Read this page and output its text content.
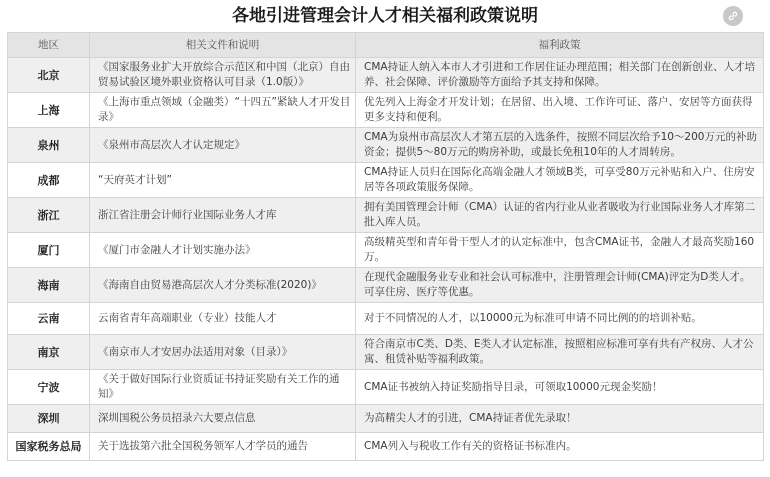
各地引进管理会计人才相关福利政策说明
地区	相关文件和说明	福利政策
北京	《国家服务业扩大开放综合示范区和中国（北京）自由贸易试验区境外职业资格认可目录（1.0版）》	CMA持证人纳入本市人才引进和工作居住证办理范围；相关部门在创新创业、人才培养、社会保障、评价激励等方面给予其支持和保障。
上海	《上海市重点领域（金融类）“十四五”紧缺人才开发目录》	优先列入上海金才开发计划；在居留、出入境、工作许可证、落户、安居等方面获得更多支持和便利。
泉州	《泉州市高层次人才认定规定》	CMA为泉州市高层次人才第五层的入选条件，按照不同层次给予10～200万元的补助资金；提供5～80万元的购房补助，或最长免租10年的人才周转房。
成都	“天府英才计划”	CMA持证人员归在国际化高端金融人才领域B类，可享受80万元补贴和入户、住房安居等各项政策服务保障。
浙江	浙江省注册会计师行业国际业务人才库	拥有美国管理会计师（CMA）认证的省内行业从业者吸收为行业国际业务人才库第二批入库人员。
厦门	《厦门市金融人才计划实施办法》	高级精英型和青年骨干型人才的认定标准中，包含CMA证书，金融人才最高奖励160万。
海南	《海南自由贸易港高层次人才分类标准(2020)》	在现代金融服务业专业和社会认可标准中，注册管理会计师(CMA)评定为D类人才。可享住房、医疗等优惠。
云南	云南省青年高端职业（专业）技能人才	对于不同情况的人才，以10000元为标准可申请不同比例的的培训补贴。
南京	《南京市人才安居办法适用对象（目录）》	符合南京市C类、D类、E类人才认定标准，按照相应标准可享有共有产权房、人才公寓、租赁补贴等福利政策。
宁波	《关于做好国际行业资质证书持证奖励有关工作的通知》	CMA证书被纳入持证奖励指导目录，可领取10000元现金奖励！
深圳	深圳国税公务员招录六大要点信息	为高精尖人才的引进，CMA持证者优先录取！
国家税务总局	关于选拔第六批全国税务领军人才学员的通告	CMA列入与税收工作有关的资格证书标准内。
